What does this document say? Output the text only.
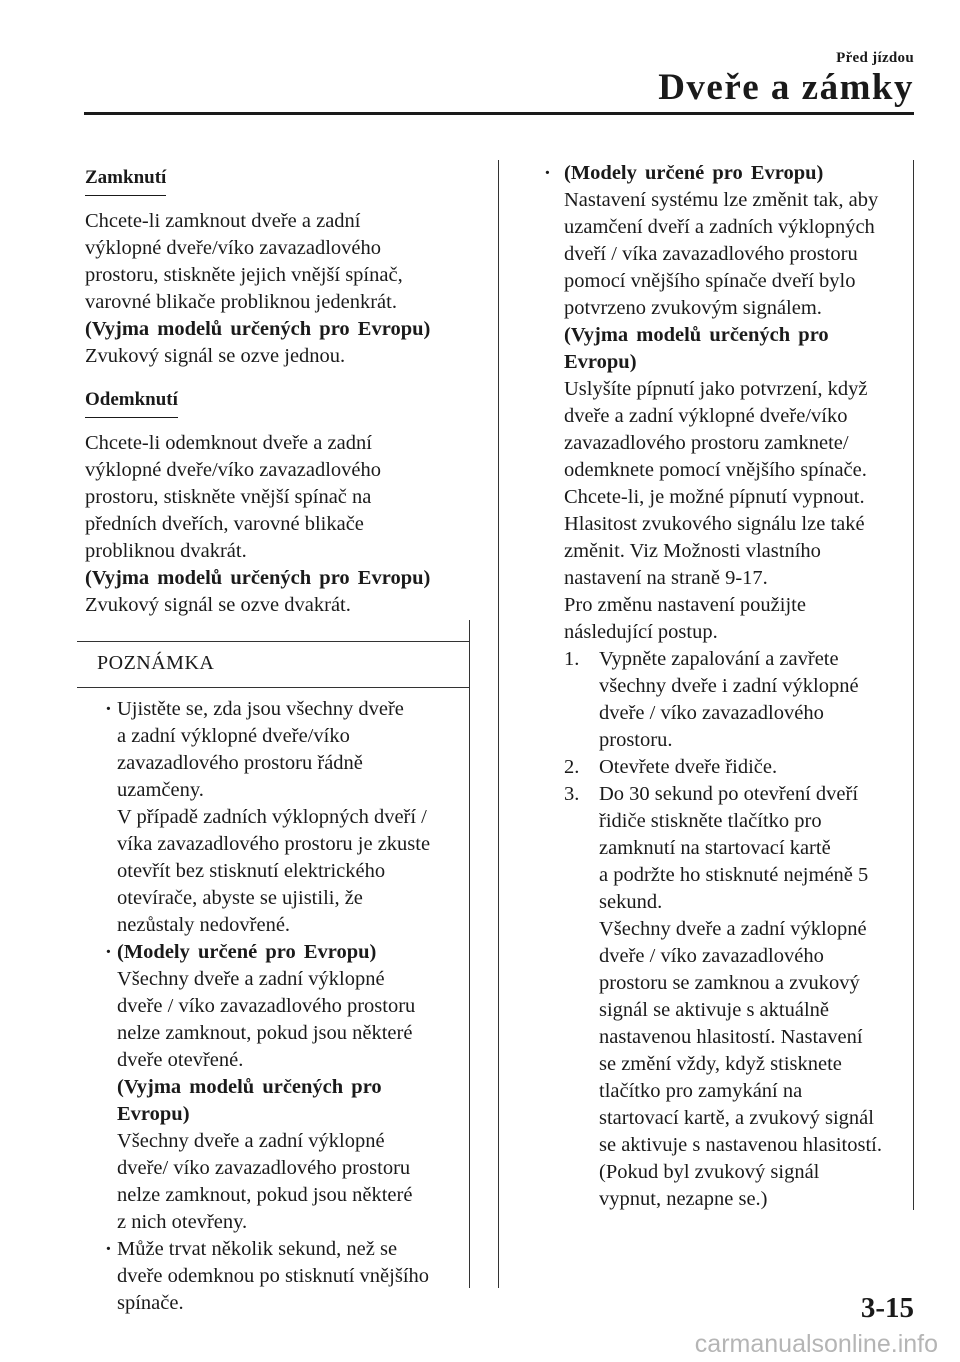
Před jízdou
Dveře a zámky
Zamknutí

Chcete-li zamknout dveře a zadní

výklopné dveře/víko zavazadlového

prostoru, stiskněte jejich vnější spínač,

varovné blikače probliknou jedenkrát.

(Vyjma modelů určených pro Evropu)

Zvukový signál se ozve jednou.

Odemknutí

Chcete-li odemknout dveře a zadní

výklopné dveře/víko zavazadlového

prostoru, stiskněte vnější spínač na

předních dveřích, varovné blikače

probliknou dvakrát.

(Vyjma modelů určených pro Evropu)

Zvukový signál se ozve dvakrát.

POZNÁMKA
· Ujistěte se, zda jsou všechny dveře

a zadní výklopné dveře/víko

zavazadlového prostoru řádně

uzamčeny.

V případě zadních výklopných dveří /

víka zavazadlového prostoru je zkuste

otevřít bez stisknutí elektrického

otevírače, abyste se ujistili, že

nezůstaly nedovřené.

· (Modely určené pro Evropu)

Všechny dveře a zadní výklopné

dveře / víko zavazadlového prostoru

nelze zamknout, pokud jsou některé

dveře otevřené.

(Vyjma modelů určených pro

Evropu)

Všechny dveře a zadní výklopné

dveře/ víko zavazadlového prostoru

nelze zamknout, pokud jsou některé

z nich otevřeny.

· Může trvat několik sekund, než se

dveře odemknou po stisknutí vnějšího

spínače.

· (Modely určené pro Evropu)

Nastavení systému lze změnit tak, aby

uzamčení dveří a zadních výklopných

dveří / víka zavazadlového prostoru

pomocí vnějšího spínače dveří bylo

potvrzeno zvukovým signálem.

(Vyjma modelů určených pro

Evropu)

Uslyšíte pípnutí jako potvrzení, když

dveře a zadní výklopné dveře/víko

zavazadlového prostoru zamknete/

odemknete pomocí vnějšího spínače.

Chcete-li, je možné pípnutí vypnout.

Hlasitost zvukového signálu lze také

změnit. Viz Možnosti vlastního

nastavení na straně 9-17.

Pro změnu nastavení použijte

následující postup.

1. Vypněte zapalování a zavřete

všechny dveře i zadní výklopné

dveře / víko zavazadlového

prostoru.

2. Otevřete dveře řidiče.

3. Do 30 sekund po otevření dveří

řidiče stiskněte tlačítko pro

zamknutí na startovací kartě

a podržte ho stisknuté nejméně 5

sekund.

Všechny dveře a zadní výklopné

dveře / víko zavazadlového

prostoru se zamknou a zvukový

signál se aktivuje s aktuálně

nastavenou hlasitostí. Nastavení

se změní vždy, když stisknete

tlačítko pro zamykání na

startovací kartě, a zvukový signál

se aktivuje s nastavenou hlasitostí.

(Pokud byl zvukový signál

vypnut, nezapne se.)

3-15
carmanualsonline.info
